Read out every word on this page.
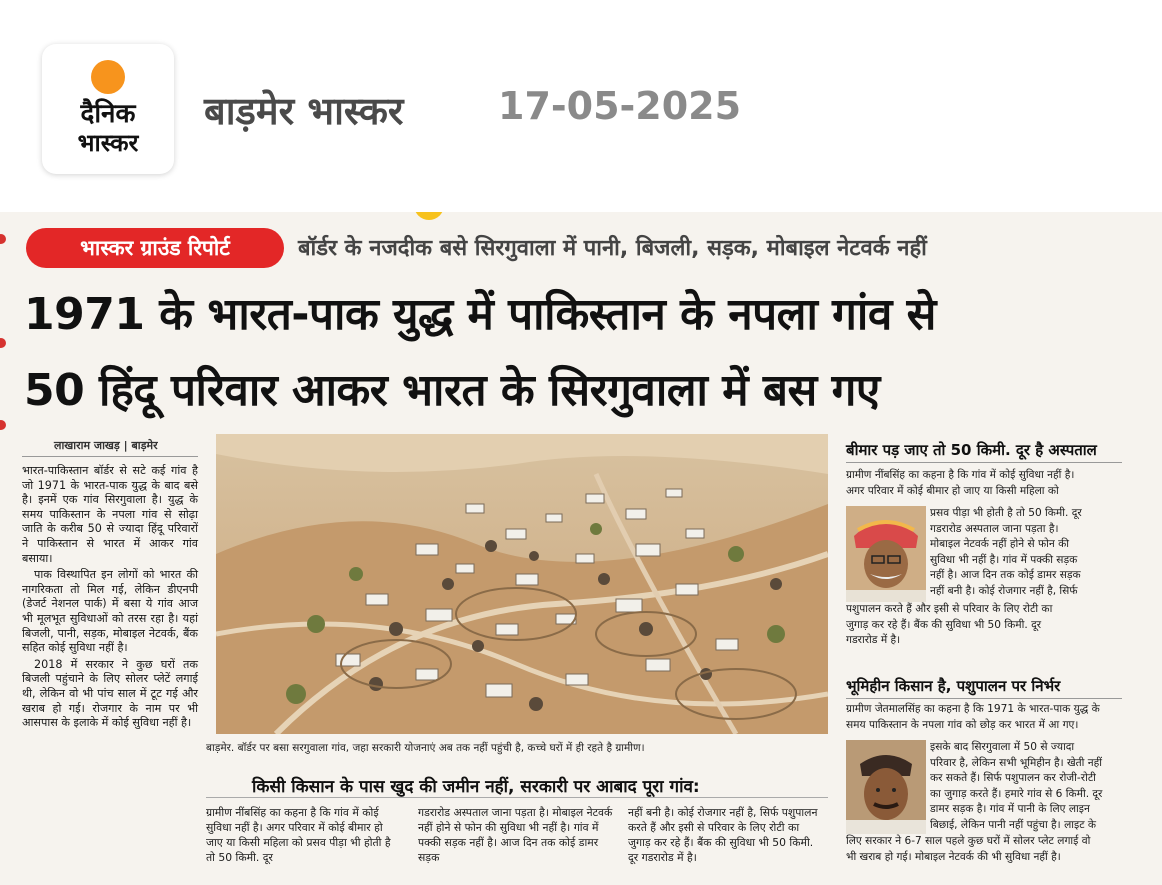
दैनिक
भास्कर
बाड़मेर भास्कर 17-05-2025
भास्कर ग्राउंड रिपोर्ट	बॉर्डर के नजदीक बसे सिरगुवाला में पानी, बिजली, सड़क, मोबाइल नेटवर्क नहीं
1971 के भारत-पाक युद्ध में पाकिस्तान के नपला गांव से
50 हिंदू परिवार आकर भारत के सिरगुवाला में बस गए
लाखाराम जाखड़ | बाड़मेर

भारत-पाकिस्तान बॉर्डर से सटे कई गांव है जो 1971 के भारत-पाक युद्ध के बाद बसे है। इनमें एक गांव सिरगुवाला है। युद्ध के समय पाकिस्तान के नपला गांव से सोढ़ा जाति के करीब 50 से ज्यादा हिंदू परिवारों ने पाकिस्तान से भारत में आकर गांव बसाया।

पाक विस्थापित इन लोगों को भारत की नागरिकता तो मिल गई, लेकिन डीएनपी (डेजर्ट नेशनल पार्क) में बसा ये गांव आज भी मूलभूत सुविधाओं को तरस रहा है। यहां बिजली, पानी, सड़क, मोबाइल नेटवर्क, बैंक सहित कोई सुविधा नहीं है।

2018 में सरकार ने कुछ घरों तक बिजली पहुंचाने के लिए सोलर प्लेटें लगाई थी, लेकिन वो भी पांच साल में टूट गई और खराब हो गई। रोजगार के नाम पर भी आसपास के इलाके में कोई सुविधा नहीं है।

बाड़मेर. बॉर्डर पर बसा सरगुवाला गांव, जहा सरकारी योजनाएं अब तक नहीं पहुंची है, कच्चे घरों में ही रहते है ग्रामीण।
किसी किसान के पास खुद की जमीन नहीं, सरकारी पर आबाद पूरा गांव:
ग्रामीण नींबसिंह का कहना है कि गांव में कोई सुविधा नहीं है। अगर परिवार में कोई बीमार हो जाए या किसी महिला को प्रसव पीड़ा भी होती है तो 50 किमी. दूर
गडरारोड अस्पताल जाना पड़ता है। मोबाइल नेटवर्क नहीं होने से फोन की सुविधा भी नहीं है। गांव में पक्की सड़क नहीं है। आज दिन तक कोई डामर सड़क
नहीं बनी है। कोई रोजगार नहीं है, सिर्फ पशुपालन करते हैं और इसी से परिवार के लिए रोटी का जुगाड़ कर रहे हैं। बैंक की सुविधा भी 50 किमी. दूर गडरारोड में है।
बीमार पड़ जाए तो 50 किमी. दूर है अस्पताल
ग्रामीण नींबसिंह का कहना है कि गांव में कोई सुविधा नहीं है।
अगर परिवार में कोई बीमार हो जाए या किसी महिला को
प्रसव पीड़ा भी होती है तो 50 किमी. दूर
गडरारोड अस्पताल जाना पड़ता है।
मोबाइल नेटवर्क नहीं होने से फोन की
सुविधा भी नहीं है। गांव में पक्की सड़क
नहीं है। आज दिन तक कोई डामर सड़क
नहीं बनी है। कोई रोजगार नहीं है, सिर्फ
पशुपालन करते हैं और इसी से परिवार के लिए रोटी का
जुगाड़ कर रहे हैं। बैंक की सुविधा भी 50 किमी. दूर
गडरारोड में है।
भूमिहीन किसान है, पशुपालन पर निर्भर
ग्रामीण जेतमालसिंह का कहना है कि 1971 के भारत-पाक युद्ध के
समय पाकिस्तान के नपला गांव को छोड़ कर भारत में आ गए।
इसके बाद सिरगुवाला में 50 से ज्यादा
परिवार है, लेकिन सभी भूमिहीन है। खेती नहीं
कर सकते हैं। सिर्फ पशुपालन कर रोजी-रोटी
का जुगाड़ करते हैं। हमारे गांव से 6 किमी. दूर
डामर सड़क है। गांव में पानी के लिए लाइन
बिछाई, लेकिन पानी नहीं पहुंचा है। लाइट के
लिए सरकार ने 6-7 साल पहले कुछ घरों में सोलर प्लेट लगाई वो
भी खराब हो गई। मोबाइल नेटवर्क की भी सुविधा नहीं है।
